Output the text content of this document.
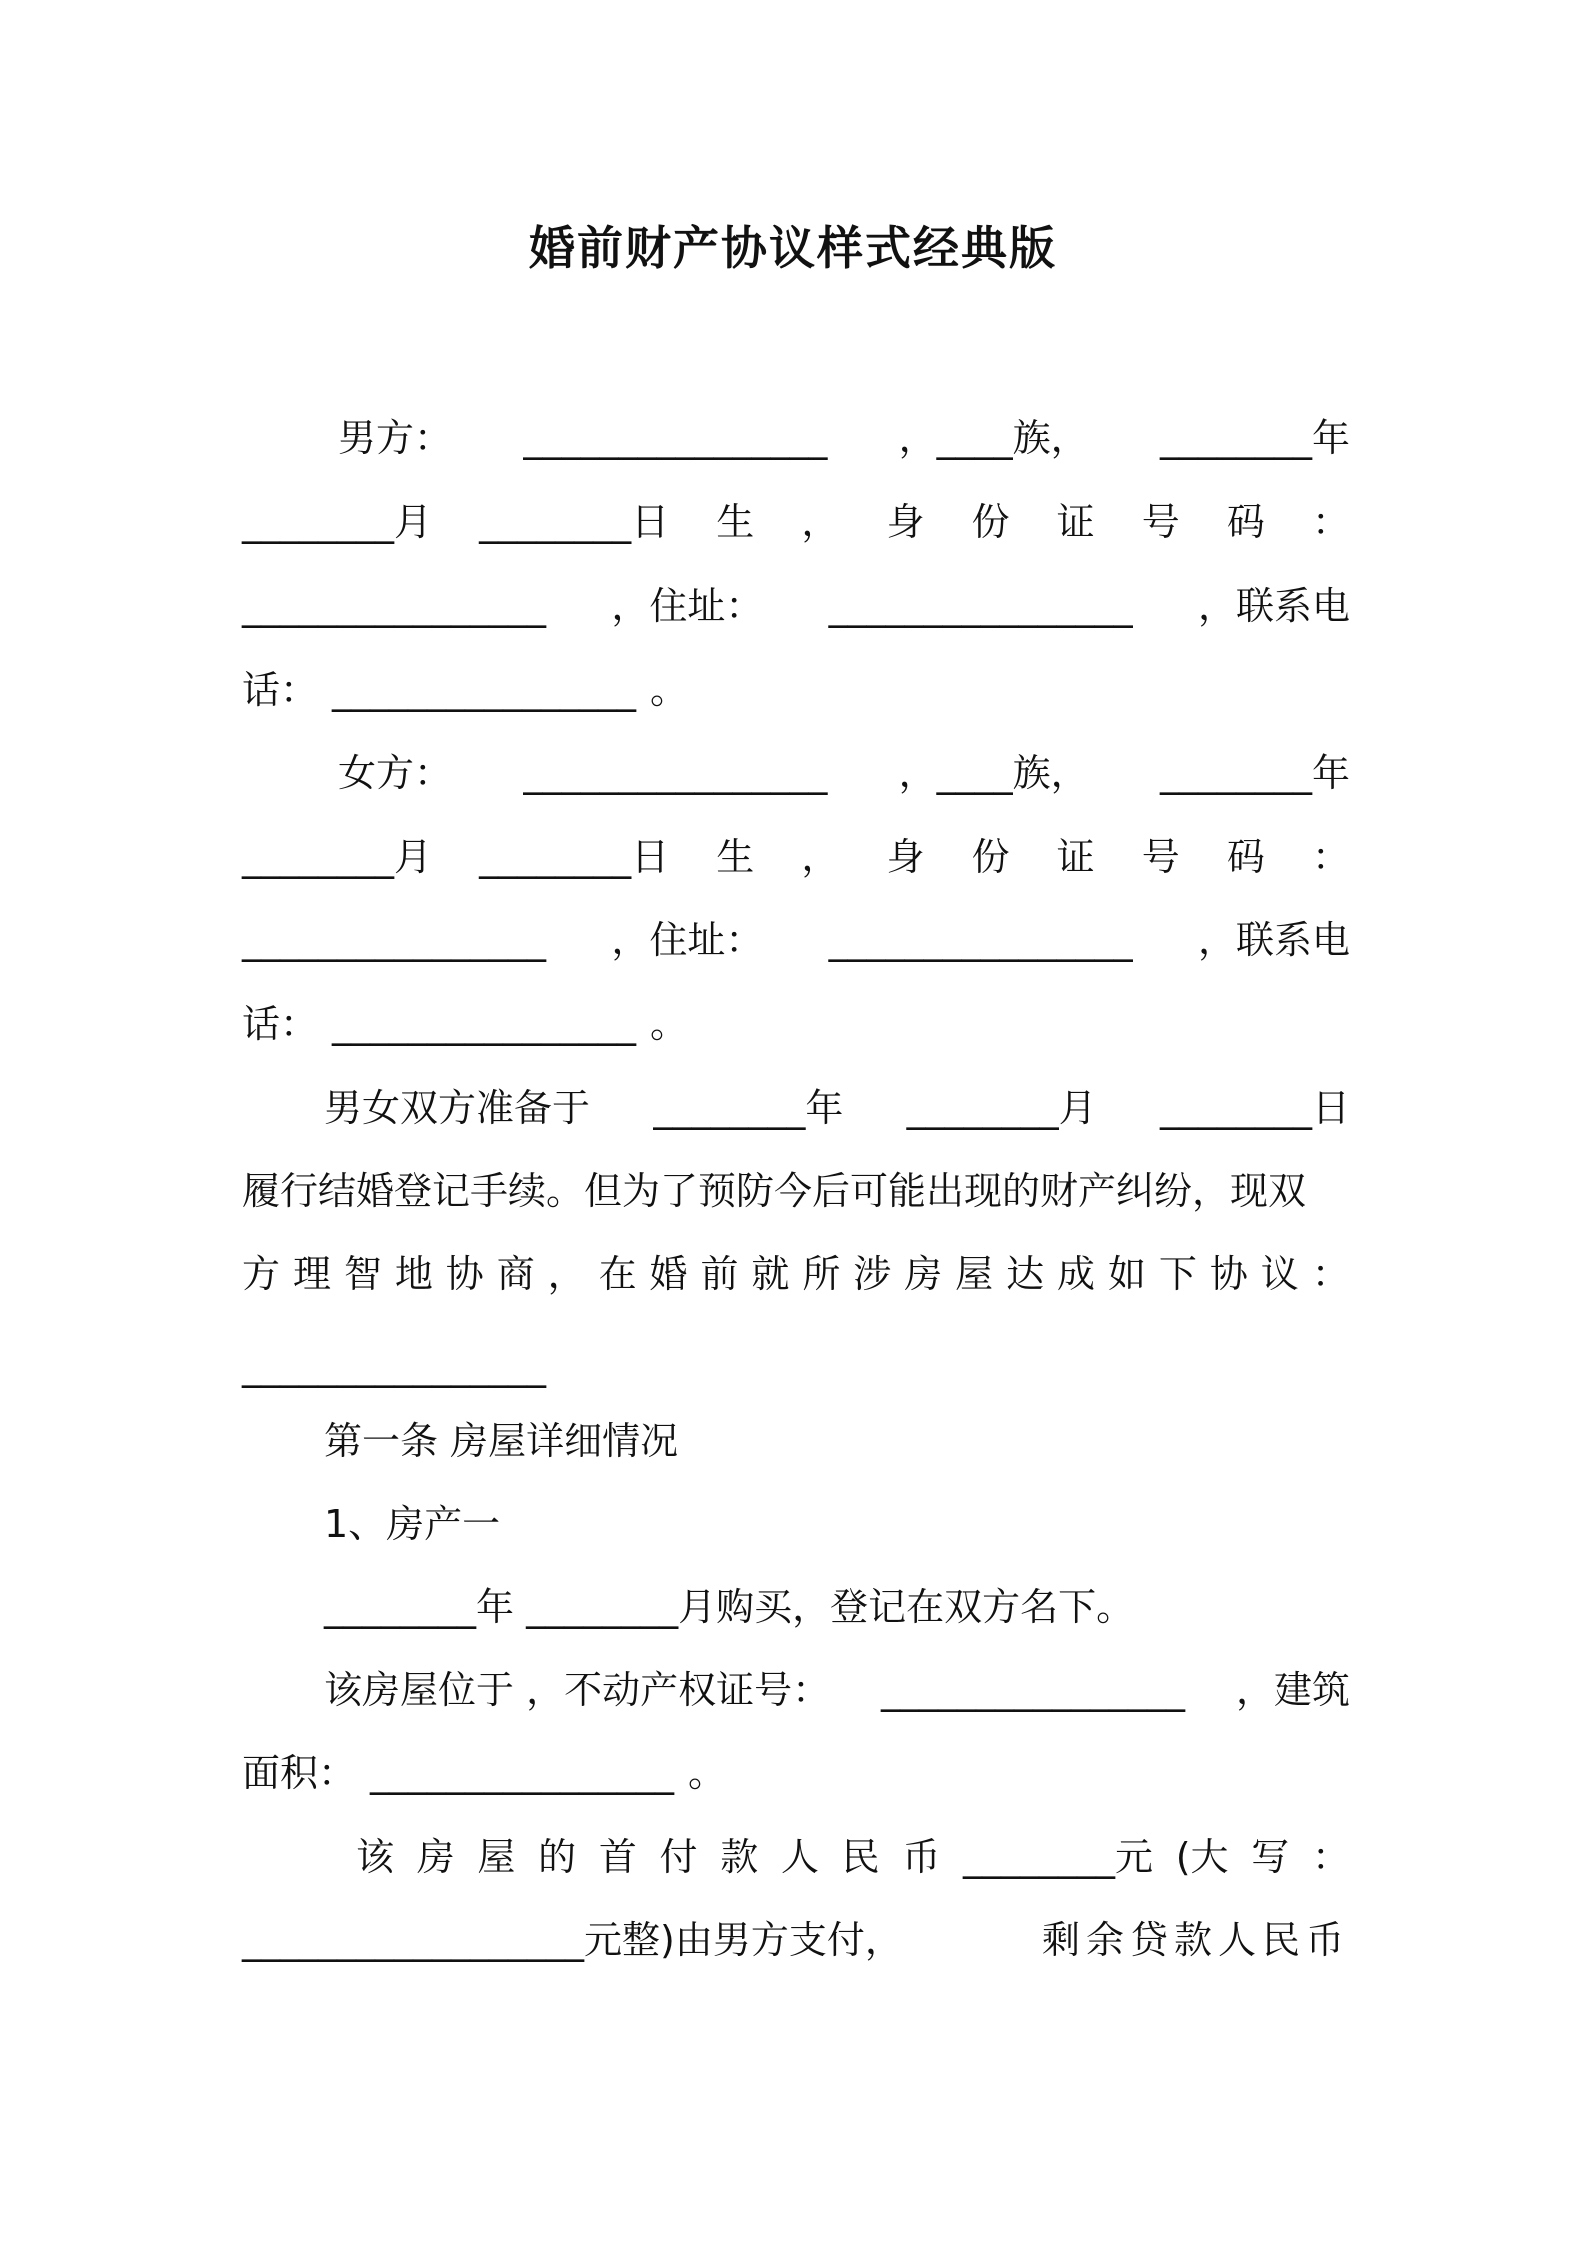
婚前财产协议样式经典版
男方： ________________ ，____族， ________年
________月 ________日 生 ， 身 份 证 号 码 ：
________________ ，住址： ________________ ，联系电
话： ________________ 。
女方： ________________ ，____族， ________年
________月 ________日 生 ， 身 份 证 号 码 ：
________________ ，住址： ________________ ，联系电
话： ________________ 。
男女双方准备于 ________年 ________月 ________日
履行结婚登记手续。但为了预防今后可能出现的财产纠纷，现双
方 理 智 地 协 商 ， 在 婚 前 就 所 涉 房 屋 达 成 如 下 协 议 ：
________________
第一条 房屋详细情况
1、房产一
________年 ________月购买，登记在双方名下。
该房屋位于 ，不动产权证号： ________________ ，建筑
面积： ________________ 。
该 房 屋 的 首 付 款 人 民 币 ________元 (大 写 ：
__________________元整)由男方支付，	剩余贷款人民币
